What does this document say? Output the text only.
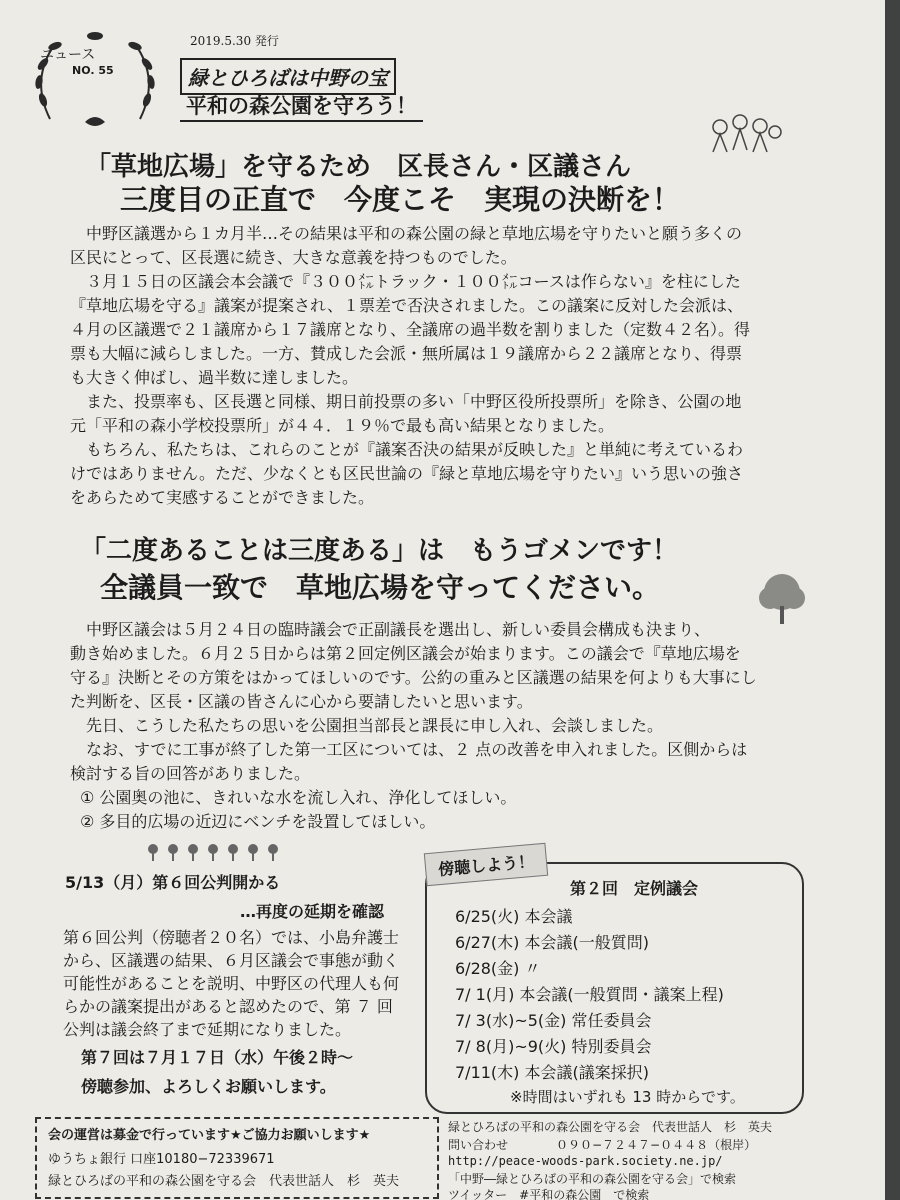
ニュース
NO. 55
2019.5.30 発行
緑とひろばは中野の宝
平和の森公園を守ろう！
「草地広場」を守るため　区長さん・区議さん
三度目の正直で　今度こそ　実現の決断を！
中野区議選から１カ月半…その結果は平和の森公園の緑と草地広場を守りたいと願う多くの
区民にとって、区長選に続き、大きな意義を持つものでした。
３月１５日の区議会本会議で『３００㍍トラック・１００㍍コースは作らない』を柱にした
『草地広場を守る』議案が提案され、１票差で否決されました。この議案に反対した会派は、
４月の区議選で２１議席から１７議席となり、全議席の過半数を割りました（定数４２名）。得
票も大幅に減らしました。一方、賛成した会派・無所属は１９議席から２２議席となり、得票
も大きく伸ばし、過半数に達しました。
また、投票率も、区長選と同様、期日前投票の多い「中野区役所投票所」を除き、公園の地
元「平和の森小学校投票所」が４４．１９％で最も高い結果となりました。
もちろん、私たちは、これらのことが『議案否決の結果が反映した』と単純に考えているわ
けではありません。ただ、少なくとも区民世論の『緑と草地広場を守りたい』いう思いの強さ
をあらためて実感することができました。
「二度あることは三度ある」は　もうゴメンです！
全議員一致で　草地広場を守ってください。
中野区議会は５月２４日の臨時議会で正副議長を選出し、新しい委員会構成も決まり、
動き始めました。６月２５日からは第２回定例区議会が始まります。この議会で『草地広場を
守る』決断とその方策をはかってほしいのです。公約の重みと区議選の結果を何よりも大事にし
た判断を、区長・区議の皆さんに心から要請したいと思います。
先日、こうした私たちの思いを公園担当部長と課長に申し入れ、会談しました。
なお、すでに工事が終了した第一工区については、２ 点の改善を申入れました。区側からは
検討する旨の回答がありました。
① 公園奥の池に、きれいな水を流し入れ、浄化してほしい。
② 多目的広場の近辺にベンチを設置してほしい。
5/13（月）第６回公判開かる
…再度の延期を確認
第６回公判（傍聴者２０名）では、小島弁護士
から、区議選の結果、６月区議会で事態が動く
可能性があることを説明、中野区の代理人も何
らかの議案提出があると認めたので、第 ７ 回
公判は議会終了まで延期になりました。
第７回は７月１７日（水）午後２時～
傍聴参加、よろしくお願いします。
傍聴しよう！
第２回　定例議会
6/25(火) 本会議
6/27(木) 本会議(一般質問)
6/28(金) 〃
7/ 1(月) 本会議(一般質問・議案上程)
7/ 3(水)~5(金) 常任委員会
7/ 8(月)~9(火) 特別委員会
7/11(木) 本会議(議案採択)
※時間はいずれも 13 時からです。
会の運営は募金で行っています★ご協力お願いします★
ゆうちょ銀行 口座10180−72339671
緑とひろばの平和の森公園を守る会　代表世話人　杉　英夫
緑とひろばの平和の森公園を守る会　代表世話人　杉　英夫
問い合わせ　　　　０９０−７２４７−０４４８（根岸）
http://peace-woods-park.society.ne.jp/
「中野―緑とひろばの平和の森公園を守る会」で検索
ツイッター　#平和の森公園　で検索
